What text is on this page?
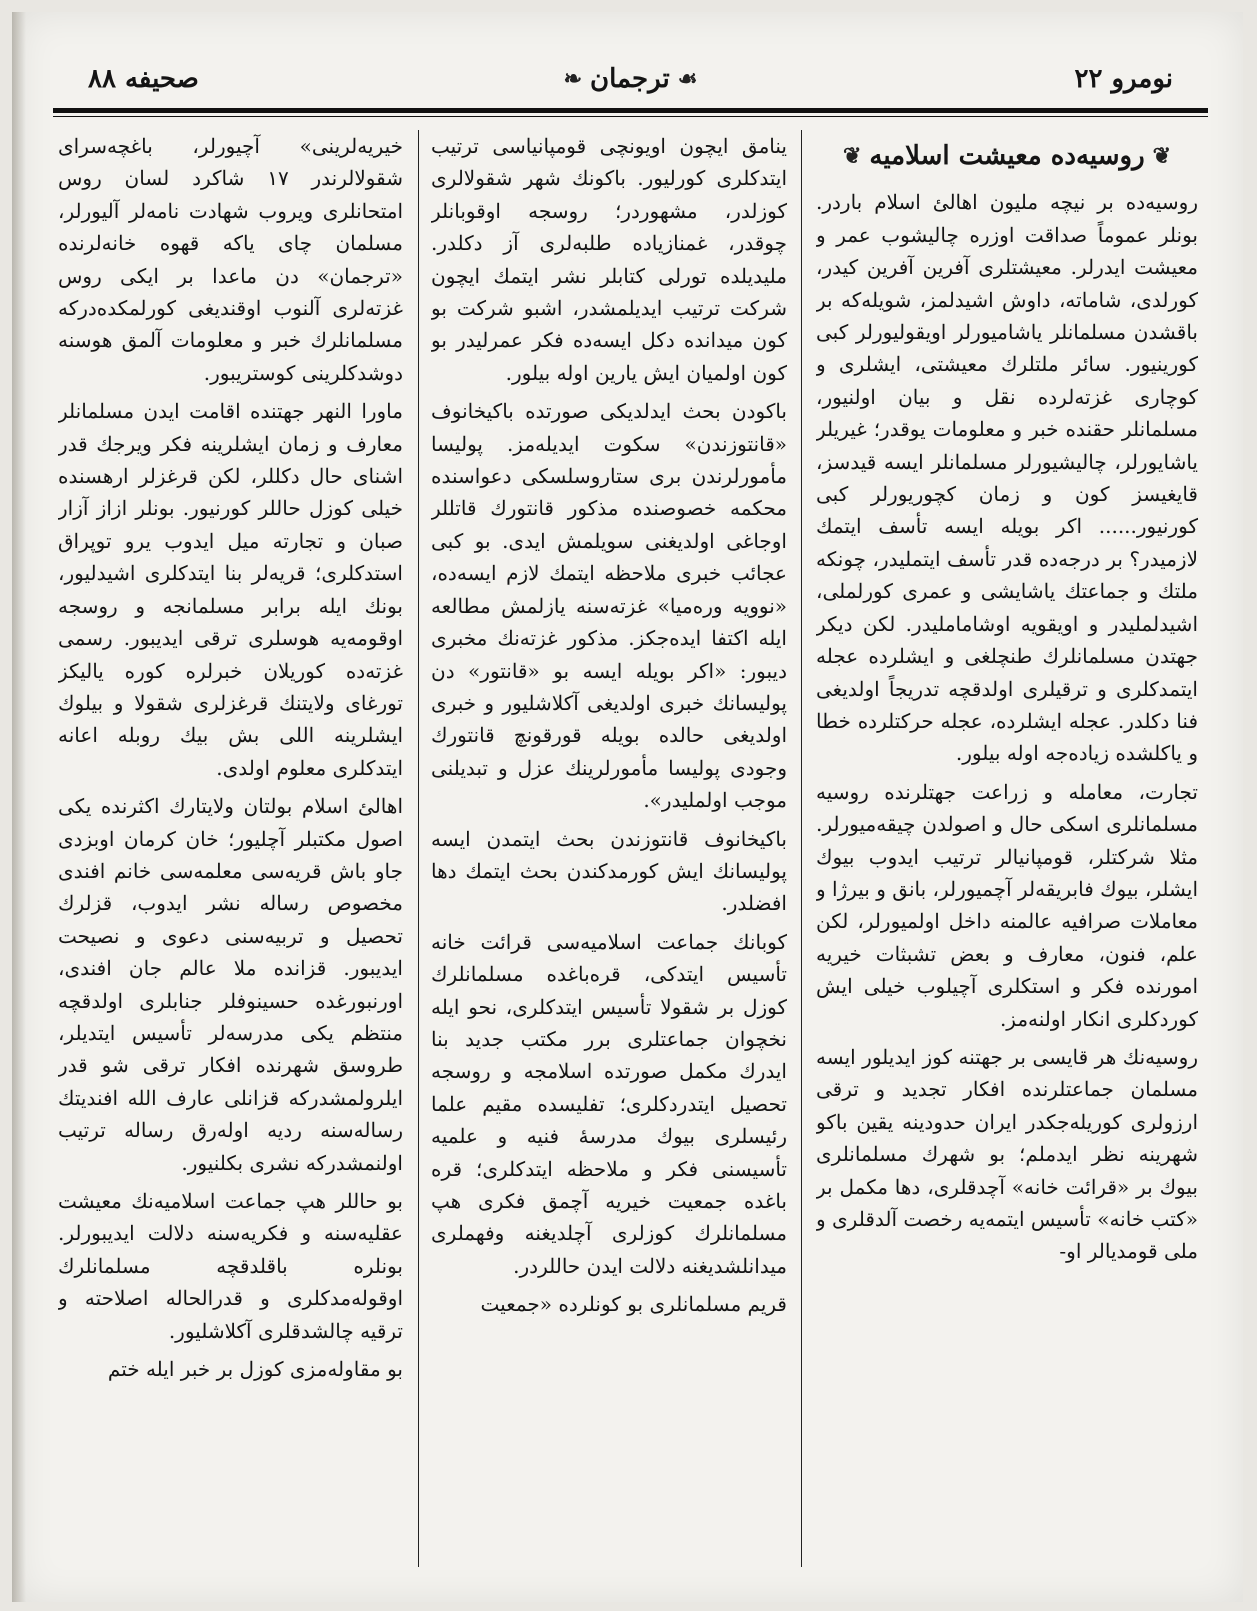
صحيفه ٨٨	❧ ترجمان ☙	نومرو ٢٢
❦
روسيه‌ده معيشت اسلاميه
❦

روسيه‌ده بر نيچه مليون اهالئ اسلام باردر. بونلر عموماً صداقت اوزره چاليشوب عمر و معيشت ايدرلر. معيشتلری آفرين آفرين كيدر، كورلدی، شاماته، داوش اشيدلمز، شويله‌كه بر باقشدن مسلمانلر ياشاميورلر اويقوليورلر كبی كورينيور. سائر ملتلرك معيشتی، ايشلری و كوچاری غزته‌لرده نقل و بيان اولنيور، مسلمانلر حقنده خبر و معلومات يوقدر؛ غيريلر ياشايورلر، چاليشيورلر مسلمانلر ايسه قيدسز، قايغيسز كون و زمان كچوريورلر كبی كورنيور...... اكر بويله ايسه تأسف ايتمك لازميدر؟ بر درجه‌ده قدر تأسف ايتمليدر، چونكه ملتك و جماعتك ياشايشی و عمری كورلملی، اشيدلمليدر و اويقويه اوشامامليدر. لكن ديكر جهتدن مسلمانلرك طنچلغی و ايشلرده عجله ايتمدكلری و ترقيلری اولدقچه تدريجاً اولديغی فنا دكلدر. عجله ايشلرده، عجله حركتلرده خطا و ياكلشده زياده‌جه اوله بيلور.

تجارت، معامله و زراعت جهتلرنده روسيه مسلمانلری اسكی حال و اصولدن چيقه‌ميورلر. مثلا شركتلر، قومپانيالر ترتيب ايدوب بيوك ايشلر، بيوك فابريقه‌لر آچميورلر، بانق و بيرژا و معاملات صرافيه عالمنه داخل اولميورلر، لكن علم، فنون، معارف و بعض تشبثات خيريه امورنده فكر و استكلری آچيلوب خيلی ايش كوردكلری انكار اولنه‌مز.

روسيه‌نك هر قايسی بر جهتنه كوز ايديلور ايسه مسلمان جماعتلرنده افكار تجديد و ترقی ارزولری كوريله‌جكدر ايران حدودينه يقين باكو شهرينه نظر ايدملم؛ بو شهرك مسلمانلری بيوك بر «قرائت خانه» آچدقلری، دها مكمل بر «كتب خانه» تأسيس ايتمه‌يه رخصت آلدقلری و ملی قومديالر او-

ينامق ايچون اويونچی قومپانياسی ترتيب ايتدكلری كورليور. باكونك شهر شقولالری كوزلدر، مشهوردر؛ روسجه اوقوبانلر چوقدر، غمنازياده طلبه‌لری آز دكلدر. مليدیلده تورلی كتابلر نشر ايتمك ايچون شركت ترتيب ايديلمشدر، اشبو شركت بو كون ميدانده دكل ايسه‌ده فكر عمرليدر بو كون اولميان ايش يارين اوله بيلور.

باكودن بحث ايدلديكی صورتده باكيخانوف «قانتوزندن» سكوت ايديله‌مز. پوليسا مأمورلرندن بری ستاروسلسكی دعواسنده محكمه خصوصنده مذكور قانتورك قاتللر اوجاغی اولديغنی سويلمش ايدی. بو كبی عجائب خبری ملاحظه ايتمك لازم ايسه‌ده، «نوويه وره‌ميا» غزته‌سنه يازلمش مطالعه ايله اكتفا ايده‌جكز. مذكور غزته‌نك مخبری ديبور: «اكر بويله ايسه بو «قانتور» دن پوليسانك خبری اولديغی آكلاشليور و خبری اولديغی حالده بويله قورقونچ قانتورك وجودی پوليسا مأمورلرينك عزل و تبديلنی موجب اولمليدر».

باكيخانوف قانتوزندن بحث ايتمدن ايسه پوليسانك ايش كورمدكندن بحث ايتمك دها افضلدر.

كوبانك جماعت اسلاميه‌سی قرائت خانه تأسيس ايتدكی، قره‌باغده مسلمانلرك كوزل بر شقولا تأسيس ايتدكلری، نحو ايله نخچوان جماعتلری برر مكتب جديد بنا ايدرك مكمل صورتده اسلامجه و روسجه تحصيل ايتدردكلری؛ تفليسده مقيم علما رئيسلری بيوك مدرسهٔ فنيه و علميه تأسيسنی فكر و ملاحظه ايتدكلری؛ قره باغده جمعيت خيريه آچمق فكری هپ مسلمانلرك كوزلری آچلديغنه وفهملری ميدانلشديغنه دلالت ايدن حاللردر.

قريم مسلمانلری بو كونلرده «جمعيت

خيريه‌لرينی» آچيورلر، باغچه‌سرای شقولالرندر ١٧ شاكرد لسان روس امتحانلری ويروب شهادت نامه‌لر آليورلر، مسلمان چای ياكه قهوه خانه‌لرنده «ترجمان» دن ماعدا بر ايكی روس غزته‌لری آلنوب اوقنديغی كورلمكده‌دركه مسلمانلرك خبر و معلومات آلمق هوسنه دوشدكلرينی كوستريبور.

ماورا النهر جهتنده اقامت ايدن مسلمانلر معارف و زمان ايشلرينه فكر ويرجك قدر اشنای حال دكللر، لكن قرغزلر ارهسنده خيلی كوزل حاللر كورنيور. بونلر ازاز آزار صبان و تجارته ميل ايدوب يرو توپراق استدكلری؛ قريه‌لر بنا ايتدكلری اشيدليور، بونك ايله برابر مسلمانجه و روسجه اوقومه‌يه هوسلری ترقی ايديبور. رسمی غزته‌ده كوريلان خبرلره كوره ياليكز تورغای ولايتنك قرغزلری شقولا و بيلوك ايشلرينه اللی بش بيك روبله اعانه ايتدكلری معلوم اولدی.

اهالئ اسلام بولتان ولايتارك اكثرنده يكی اصول مكتبلر آچليور؛ خان كرمان اوبزدی جاو باش قريه‌سی معلمه‌سی خانم افندی مخصوص رساله نشر ايدوب، قزلرك تحصيل و تربيه‌سنی دعوی و نصيحت ايديبور. قزانده ملا عالم جان افندی، اورنبورغده حسينوفلر جنابلری اولدقچه منتظم يكی مدرسه‌لر تأسيس ايتديلر، طروسق شهرنده افكار ترقی شو قدر ايلرولمشدركه قزانلی عارف الله افنديتك رساله‌سنه رديه اولەرق رساله ترتيب اولنمشدركه نشری بكلنيور.

بو حاللر هپ جماعت اسلاميه‌نك معيشت عقليه‌سنه و فكريه‌سنه دلالت ايديبورلر. بونلره باقلدقچه مسلمانلرك اوقوله‌مدكلری و قدرالحاله اصلاحته و ترقيه چالشدقلری آكلاشليور.

بو مقاوله‌مزی كوزل بر خبر ايله ختم
